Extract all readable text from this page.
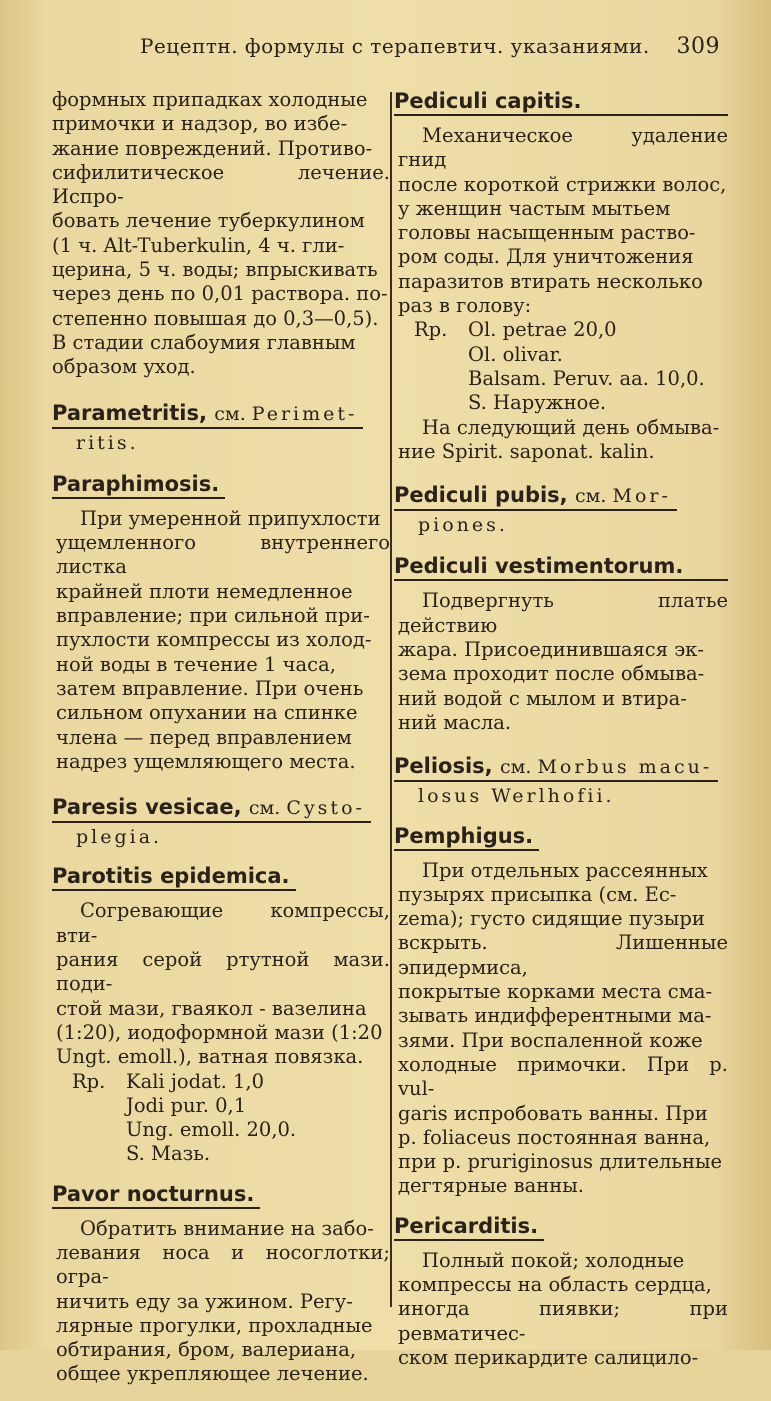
Рецептн. формулы с терапевтич. указаниями. 309

формных припадках холодные

примочки и надзор, во избе-

жание повреждений. Противо-

сифилитическое лечение. Испро-

бовать лечение туберкулином

(1 ч. Alt-Tuberkulin, 4 ч. гли-

церина, 5 ч. воды; впрыскивать

через день по 0,01 раствора. по-

степенно повышая до 0,3—0,5).

В стадии слабоумия главным

образом уход.

Parametritis, см. Perimet-
ritis.
Paraphimosis.

При умеренной припухлости

ущемленного внутреннего листка

крайней плоти немедленное

вправление; при сильной при-

пухлости компрессы из холод-

ной воды в течение 1 часа,

затем вправление. При очень

сильном опухании на спинке

члена — перед вправлением

надрез ущемляющего места.

Paresis vesicae, см. Cysto-
plegia.
Parotitis epidemica.

Согревающие компрессы, вти-

рания серой ртутной мази. поди-

стой мази, гваякол - вазелина

(1:20), иодоформной мази (1:20

Ungt. emoll.), ватная повязка.

Rp.	Kali jodat. 1,0
Jodi pur. 0,1
Ung. emoll. 20,0.
S. Мазь.
Pavor nocturnus.

Обратить внимание на забо-

левания носа и носоглотки; огра-

ничить еду за ужином. Регу-

лярные прогулки, прохладные

обтирания, бром, валериана,

общее укрепляющее лечение.

Pediculi capitis.

Механическое удаление гнид

после короткой стрижки волос,

у женщин частым мытьем

головы насыщенным раство-

ром соды. Для уничтожения

паразитов втирать несколько

раз в голову:

Rp.	Ol. petrae 20,0
Ol. olivar.
Balsam. Peruv. aa. 10,0.
S. Наружное.

На следующий день обмыва-

ние Spirit. saponat. kalin.

Pediculi pubis, см. Mor-
piones.
Pediculi vestimentorum.

Подвергнуть платье действию

жара. Присоединившаяся эк-

зема проходит после обмыва-

ний водой с мылом и втира-

ний масла.

Peliosis, см. Morbus macu-
losus Werlhofii.
Pemphigus.

При отдельных рассеянных

пузырях присыпка (см. Ec-

zema); густо сидящие пузыри

вскрыть. Лишенные эпидермиса,

покрытые корками места сма-

зывать индифферентными ма-

зями. При воспаленной коже

холодные примочки. При p. vul-

garis испробовать ванны. При

p. foliaceus постоянная ванна,

при p. pruriginosus длительные

дегтярные ванны.

Pericarditis.

Полный покой; холодные

компрессы на область сердца,

иногда пиявки; при ревматичес-

ском перикардите салицило-
